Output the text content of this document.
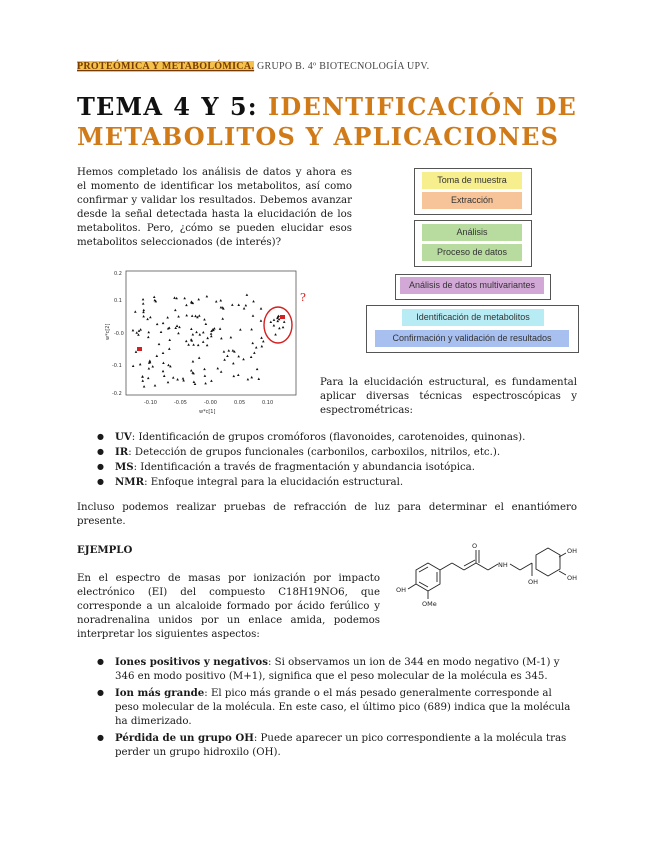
PROTEÓMICA Y METABOLÓMICA. GRUPO B. 4º BIOTECNOLOGÍA UPV.
TEMA 4 Y 5: IDENTIFICACIÓN DE METABOLITOS Y APLICACIONES

Hemos completado los análisis de datos y ahora es el momento de identificar los metabolitos, así como confirmar y validar los resultados. Debemos avanzar desde la señal detectada hasta la elucidación de los metabolitos. Pero, ¿cómo se pueden elucidar esos metabolitos seleccionados (de interés)?

Toma de muestra
Extracción
Análisis
Proceso de datos
Análisis de datos multivariantes
Identificación de metabolitos
Confirmación y validación de resultados
w*c[2]
w*c[1]
0.2
0.1
-0.0
-0.1
-0.2
-0.10	-0.05	-0.00	0.05	0.10
?

Para la elucidación estructural, es fundamental aplicar diversas técnicas espectroscópicas y espectrométricas:

● UV: Identificación de grupos cromóforos (flavonoides, carotenoides, quinonas).
● IR: Detección de grupos funcionales (carbonilos, carboxilos, nitrilos, etc.).
● MS: Identificación a través de fragmentación y abundancia isotópica.
● NMR: Enfoque integral para la elucidación estructural.

Incluso podemos realizar pruebas de refracción de luz para determinar el enantiómero presente.

EJEMPLO

En el espectro de masas por ionización por impacto electrónico (EI) del compuesto C18H19NO6, que corresponde a un alcaloide formado por ácido ferúlico y noradrenalina unidos por un enlace amida, podemos interpretar los siguientes aspectos:

OH
OMe
O
NH
OH
OH
OH
● Iones positivos y negativos: Si observamos un ion de 344 en modo negativo (M-1) y 346 en modo positivo (M+1), significa que el peso molecular de la molécula es 345.
● Ion más grande: El pico más grande o el más pesado generalmente corresponde al peso molecular de la molécula. En este caso, el último pico (689) indica que la molécula ha dimerizado.
● Pérdida de un grupo OH: Puede aparecer un pico correspondiente a la molécula tras perder un grupo hidroxilo (OH).
